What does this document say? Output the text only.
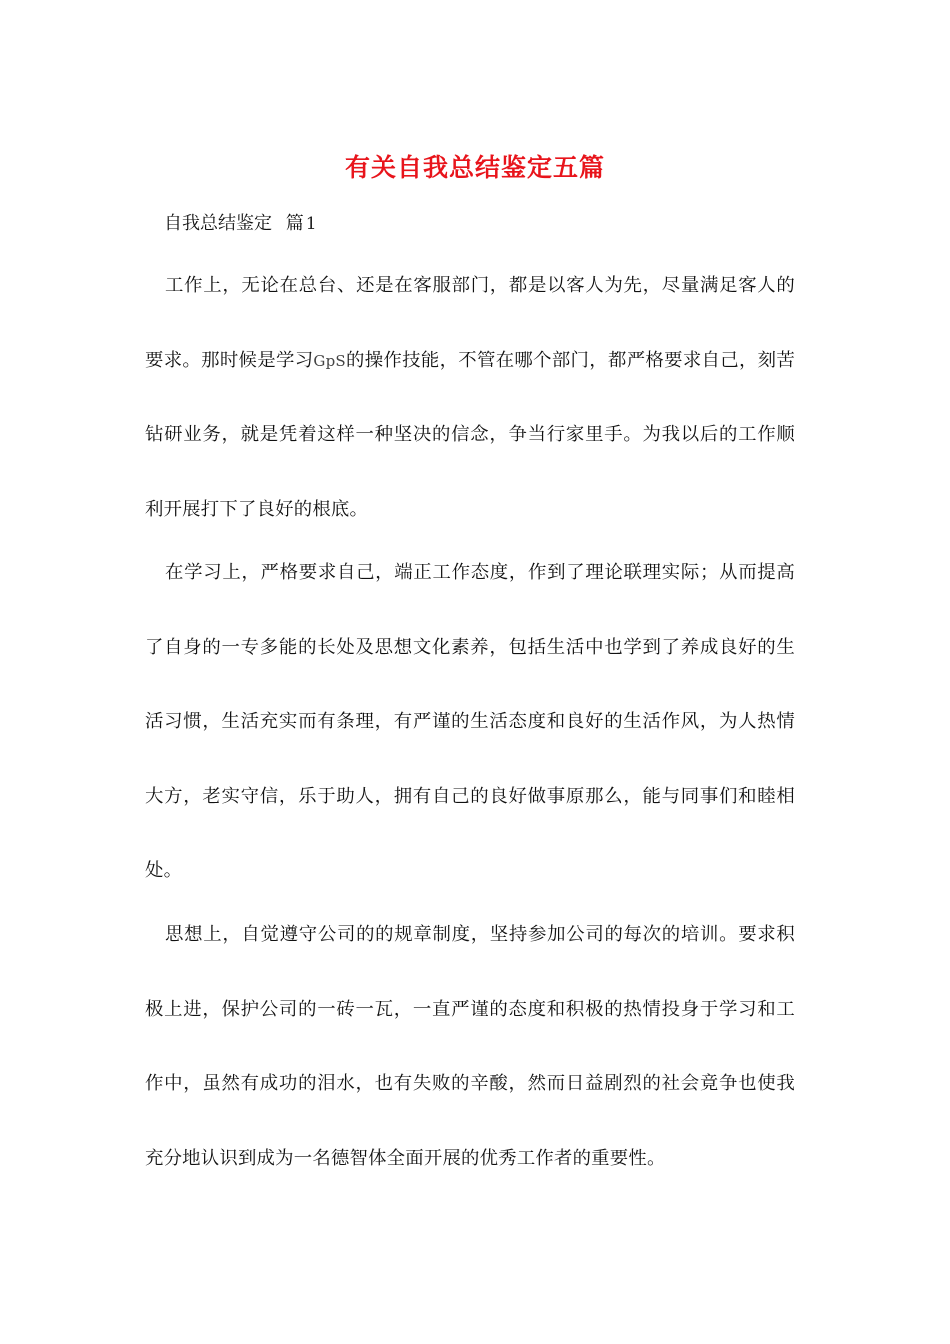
有关自我总结鉴定五篇
自我总结鉴定 篇 1

工作上，无论在总台、还是在客服部门，都是以客人为先，尽量满足客人的要求。那时候是学习GpS的操作技能，不管在哪个部门，都严格要求自己，刻苦钻研业务，就是凭着这样一种坚决的信念，争当行家里手。为我以后的工作顺利开展打下了良好的根底。

在学习上，严格要求自己，端正工作态度，作到了理论联理实际；从而提高了自身的一专多能的长处及思想文化素养，包括生活中也学到了养成良好的生活习惯，生活充实而有条理，有严谨的生活态度和良好的生活作风，为人热情大方，老实守信，乐于助人，拥有自己的良好做事原那么，能与同事们和睦相处。

思想上，自觉遵守公司的的规章制度，坚持参加公司的每次的培训。要求积极上进，保护公司的一砖一瓦，一直严谨的态度和积极的热情投身于学习和工作中，虽然有成功的泪水，也有失败的辛酸，然而日益剧烈的社会竟争也使我充分地认识到成为一名德智体全面开展的优秀工作者的重要性。
